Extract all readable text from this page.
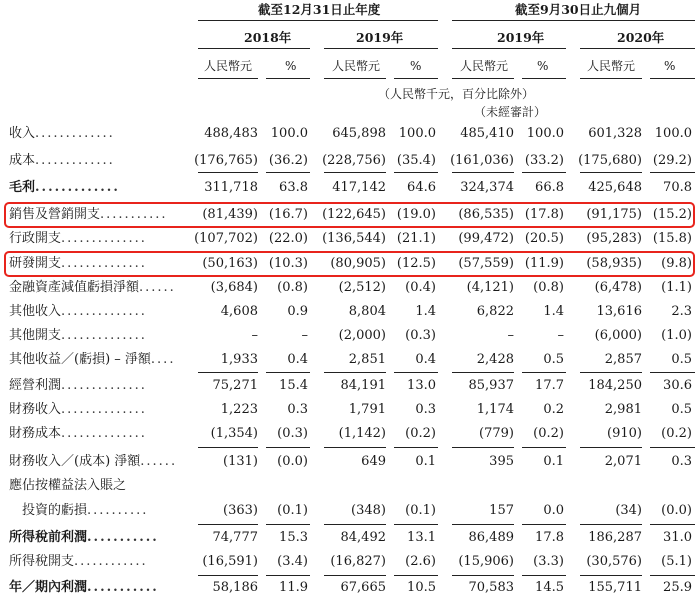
截至12月31日止年度	截至9月30日止九個月
2018年	2019年	2019年	2020年
人民幣元	%	人民幣元 %	人民幣元 %	人民幣元 %
（人民幣千元，百分比除外）
（未經審計）
收入.............	488,483 100.0	645,898 100.0	485,410 100.0	601,328 100.0
成本.............	(176,765) (36.2)	(228,756) (35.4)	(161,036) (33.2)	(175,680) (29.2)
毛利.............	311,718	63.8	417,142	64.6	324,374	66.8	425,648	70.8
銷售及營銷開支...........	(81,439) (16.7)	(122,645) (19.0)	(86,535) (17.8)	(91,175) (15.2)
行政開支..............	(107,702) (22.0)	(136,544) (21.1)	(99,472) (20.5)	(95,283) (15.8)
研發開支..............	(50,163) (10.3)	(80,905) (12.5)	(57,559) (11.9)	(58,935)	(9.8)
金融資產減值虧損淨額......	(3,684)	(0.8)	(2,512)	(0.4)	(4,121)	(0.8)	(6,478)	(1.1)
其他收入..............	4,608	0.9	8,804	1.4	6,822	1.4	13,616	2.3
其他開支..............	–	–	(2,000)	(0.3)	–	–	(6,000)	(1.0)
其他收益／(虧損) – 淨額....	1,933	0.4	2,851	0.4	2,428	0.5	2,857	0.5
經營利潤..............	75,271	15.4	84,191	13.0	85,937	17.7	184,250	30.6
財務收入..............	1,223	0.3	1,791	0.3	1,174	0.2	2,981	0.5
財務成本..............	(1,354)	(0.3)	(1,142)	(0.2)	(779)	(0.2)	(910)	(0.2)
財務收入／(成本) 淨額......	(131)	(0.0)	649	0.1	395	0.1	2,071	0.3
應佔按權益法入賬之
　投資的虧損..........	(363)	(0.1)	(348)	(0.1)	157	0.0	(34)	(0.0)
所得稅前利潤...........	74,777	15.3	84,492	13.1	86,489	17.8	186,287	31.0
所得稅開支............	(16,591)	(3.4)	(16,827)	(2.6)	(15,906)	(3.3)	(30,576)	(5.1)
年／期內利潤...........	58,186	11.9	67,665	10.5	70,583	14.5	155,711	25.9
